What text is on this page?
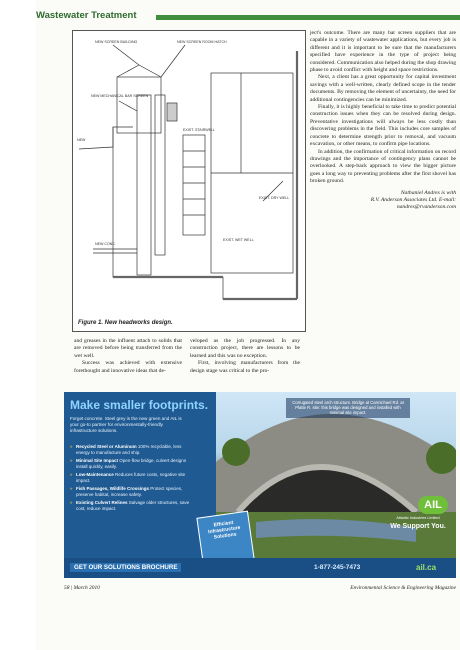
Wastewater Treatment
NEW SCREEN BUILDING	NEW SCREEN ROOM HATCH
NEW MECHANICAL BAR SCREEN
EXIST. STAIRWELL
EXIST. DRY WELL
EXIST. WET WELL
NEW CONC.
NEW
Figure 1. New headworks design.

and greases in the influent attach to solids that are removed before being transferred from the wet well.

Success was achieved with extensive forethought and innovative ideas that de-

veloped as the job progressed. In any construction project, there are lessons to be learned and this was no exception.

First, involving manufacturers from the design stage was critical to the pro-

ject's outcome. There are many bar screen suppliers that are capable in a variety of wastewater applications, but every job is different and it is important to be sure that the manufacturers specified have experience in the type of project being considered. Communication also helped during the shop drawing phase to avoid conflict with height and space restrictions.

Next, a client has a great opportunity for capital investment savings with a well-written, clearly defined scope in the tender documents. By removing the element of uncertainty, the need for additional contingencies can be minimized.

Finally, it is highly beneficial to take time to predict potential construction issues when they can be resolved during design. Preventative investigations will always be less costly than discovering problems in the field. This includes core samples of concrete to determine strength prior to removal, and vacuum excavation, or other means, to confirm pipe locations.

In addition, the confirmation of critical information on record drawings and the importance of contingency plans cannot be overlooked. A step-back approach to view the bigger picture goes a long way to preventing problems after the first shovel has broken ground.

Nathaniel Andres is with
R.V. Anderson Associates Ltd. E-mail:
nandres@rvanderson.com
Make smaller footprints.
Forget concrete. Steel grey is the new green and AIL is your go-to partner for environmentally-friendly infrastructure solutions.
» Recycled Steel or Aluminum 100% recyclable, less energy to manufacture and ship.
» Minimal Site Impact Open-flow bridge, culvert designs install quickly, easily.
» Low-Maintenance Reduces future costs, negative site impact.
» Fish Passages, Wildlife Crossings Protect species, preserve habitat, increase safety.
» Existing Culvert Relines Salvage older structures, save cost, reduce impact.
Corrugated steel arch structure. Bridge at Carmichael Rd. at Platte R. site: this bridge was designed and installed with minimal site impact.
Efficient Infrastructure Solutions
AIL
Atlantic Industries Limited
We Support You.
GET OUR SOLUTIONS BROCHURE	1-877-245-7473	ail.ca
58 | March 2010	Environmental Science & Engineering Magazine
